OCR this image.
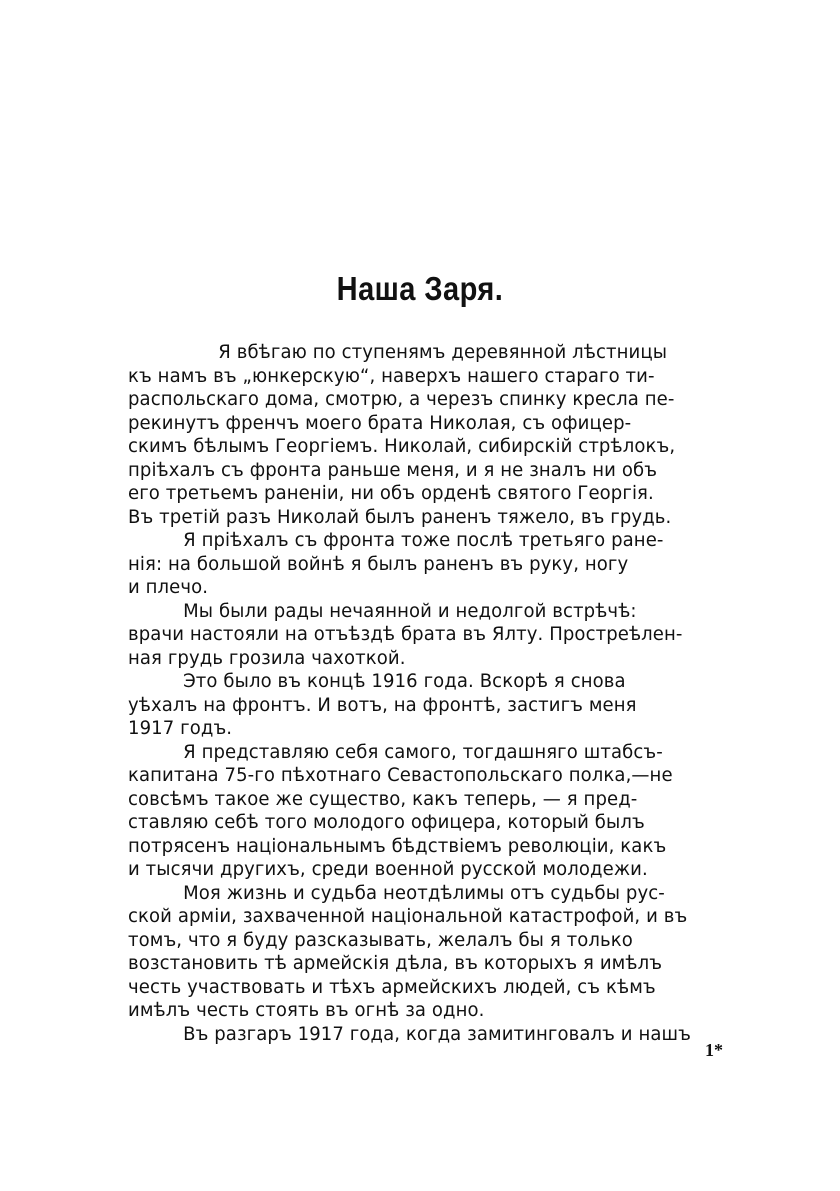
Наша Заря.
Я вбѣгаю по ступенямъ деревянной лѣстницы
къ намъ въ „юнкерскую“, наверхъ нашего стараго ти-
распольскаго дома, смотрю, а черезъ спинку кресла пе-
рекинутъ френчъ моего брата Николая, съ офицер-
скимъ бѣлымъ Георгіемъ. Николай, сибирскій стрѣлокъ,
пріѣхалъ съ фронта раньше меня, и я не зналъ ни объ
его третьемъ раненіи, ни объ орденѣ святого Георгія.
Въ третій разъ Николай былъ раненъ тяжело, въ грудь.
Я пріѣхалъ съ фронта тоже послѣ третьяго ране-
нія: на большой войнѣ я былъ раненъ въ руку, ногу
и плечо.
Мы были рады нечаянной и недолгой встрѣчѣ:
врачи настояли на отъѣздѣ брата въ Ялту. Простреѣлен-
ная грудь грозила чахоткой.
Это было въ концѣ 1916 года. Вскорѣ я снова
уѣхалъ на фронтъ. И вотъ, на фронтѣ, застигъ меня
1917 годъ.
Я представляю себя самого, тогдашняго штабсъ-
капитана 75-го пѣхотнаго Севастопольскаго полка,—не
совсѣмъ такое же существо, какъ теперь, — я пред-
ставляю себѣ того молодого офицера, который былъ
потрясенъ національнымъ бѣдствіемъ революціи, какъ
и тысячи другихъ, среди военной русской молодежи.
Моя жизнь и судьба неотдѣлимы отъ судьбы рус-
ской арміи, захваченной національной катастрофой, и въ
томъ, что я буду разсказывать, желалъ бы я только
возстановить тѣ армейскія дѣла, въ которыхъ я имѣлъ
честь участвовать и тѣхъ армейскихъ людей, съ кѣмъ
имѣлъ честь стоять въ огнѣ за одно.
Въ разгаръ 1917 года, когда замитинговалъ и нашъ
1*
